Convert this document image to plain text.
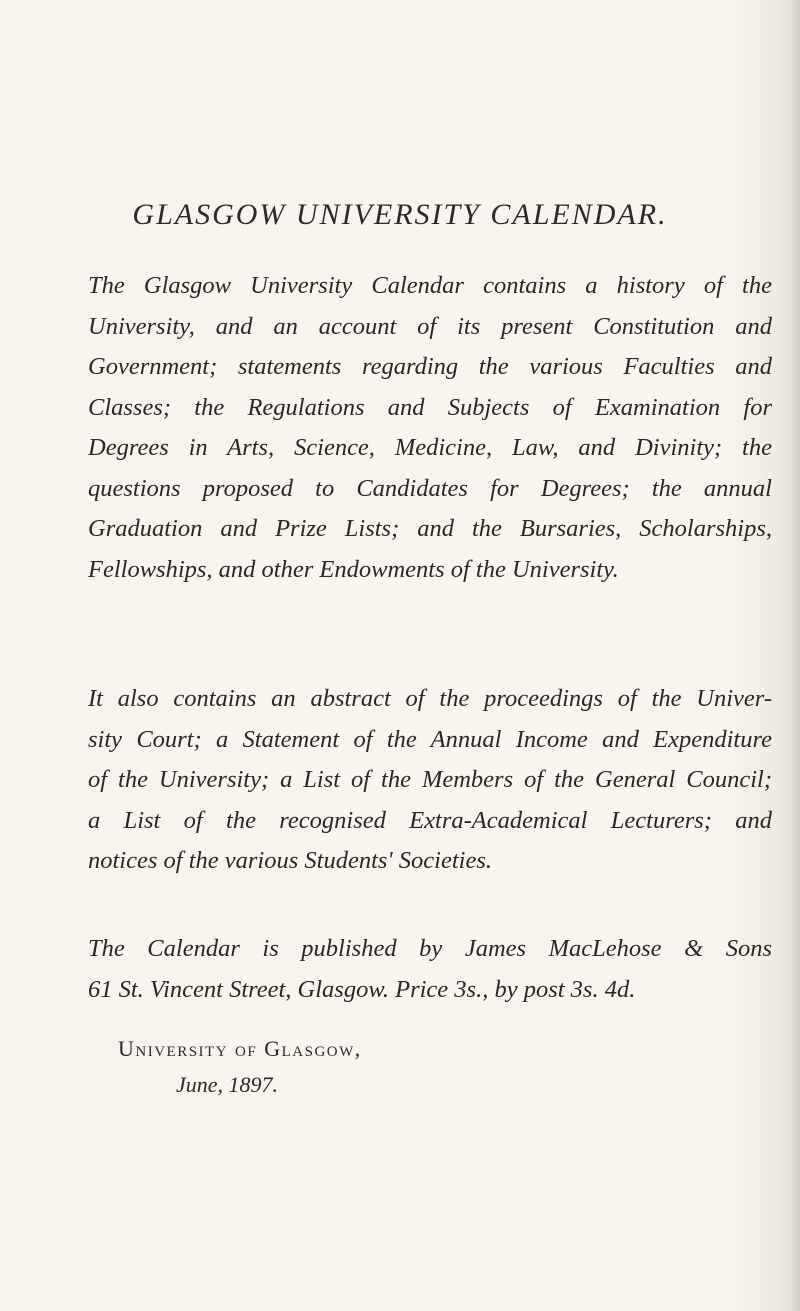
GLASGOW UNIVERSITY CALENDAR.

The Glasgow University Calendar contains a history of the
University, and an account of its present Constitution and
Government; statements regarding the various Faculties and
Classes; the Regulations and Subjects of Examination for
Degrees in Arts, Science, Medicine, Law, and Divinity; the
questions proposed to Candidates for Degrees; the annual
Graduation and Prize Lists; and the Bursaries, Scholarships,
Fellowships, and other Endowments of the University.

It also contains an abstract of the proceedings of the Univer-
sity Court; a Statement of the Annual Income and Expenditure
of the University; a List of the Members of the General Council;
a List of the recognised Extra-Academical Lecturers; and
notices of the various Students' Societies.

The Calendar is published by James MacLehose & Sons
61 St. Vincent Street, Glasgow. Price 3s., by post 3s. 4d.

University of Glasgow,
June, 1897.
